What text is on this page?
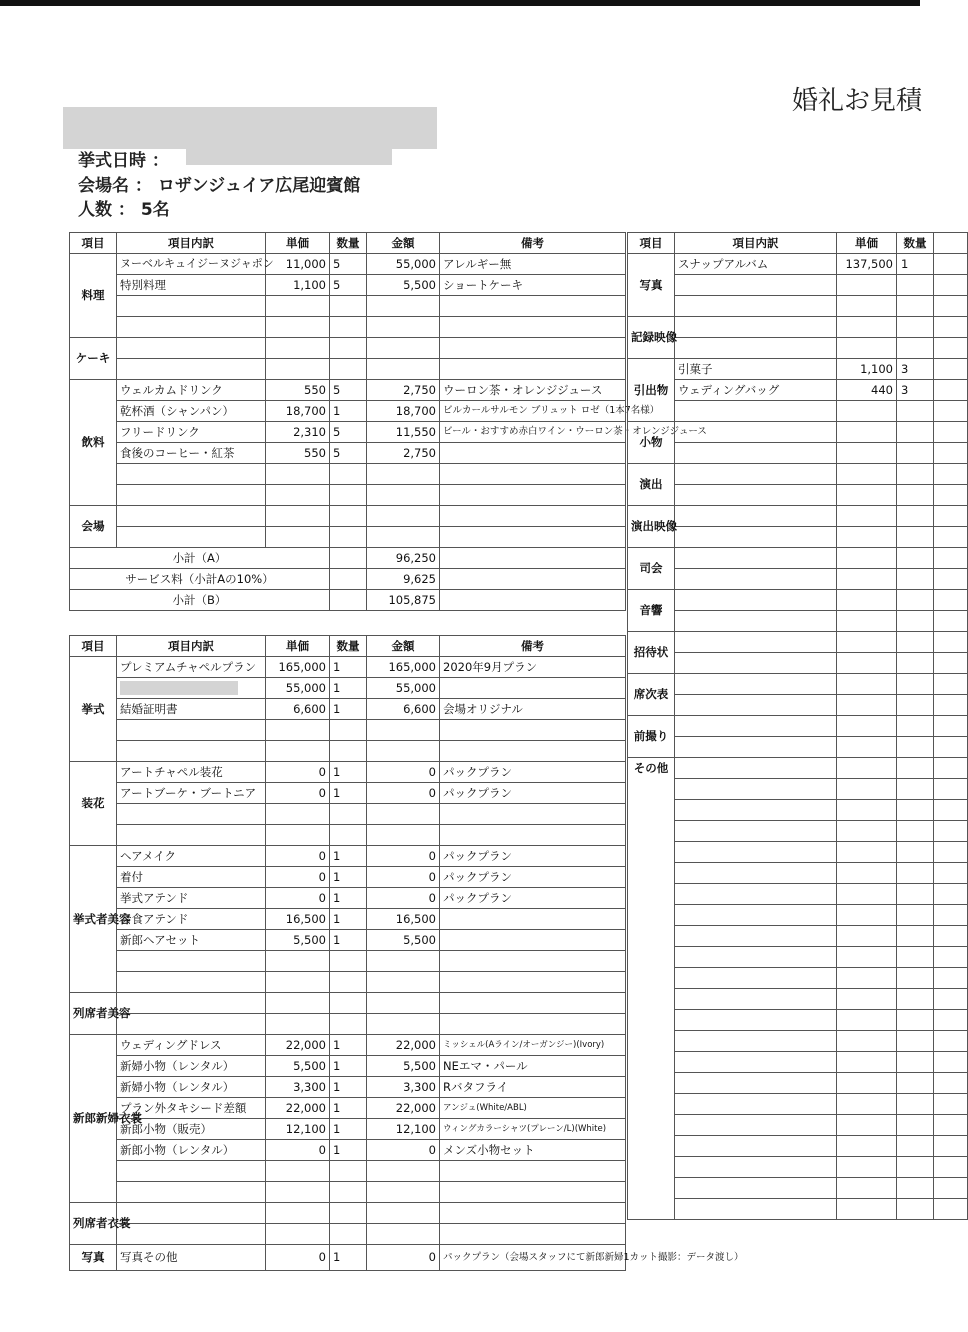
婚礼お見積
挙式日時 ：
会場名 ： ロザンジュイア広尾迎賓館
人数 ： 5名
項目	項目内訳	単価	数量	金額	備考
料理	ヌーベルキュイジーヌジャポン	11,000	5	55,000	アレルギー無
	特別料理	1,100	5	5,500	ショートケーキ

ケーキ					

飲料	ウェルカムドリンク	550	5	2,750	ウーロン茶・オレンジジュース
	乾杯酒（シャンパン）	18,700	1	18,700	ビルカールサルモン ブリュット ロゼ（1本7名様）
	フリードリンク	2,310	5	11,550	ビール・おすすめ赤白ワイン・ウーロン茶・オレンジジュース
	食後のコーヒー・紅茶	550	5	2,750	

会場					

小計（A）				96,250	
サービス料（小計Aの10%）				9,625	
小計（B）				105,875	
項目	項目内訳	単価	数量	金額	備考
挙式	プレミアムチャペルプラン	165,000	1	165,000	2020年9月プラン
		55,000	1	55,000	
	結婚証明書	6,600	1	6,600	会場オリジナル

装花	アートチャペル装花	0	1	0	パックプラン
	アートブーケ・ブートニア	0	1	0	パックプラン

挙式者美容	ヘアメイク	0	1	0	パックプラン
	着付	0	1	0	パックプラン
	挙式アテンド	0	1	0	パックプラン
	会食アテンド	16,500	1	16,500	
	新郎ヘアセット	5,500	1	5,500	

列席者美容					

新郎新婦衣裳	ウェディングドレス	22,000	1	22,000	ミッシェル(Aライン/オーガンジー)(Ivory)
	新婦小物（レンタル）	5,500	1	5,500	NEエマ・パール
	新婦小物（レンタル）	3,300	1	3,300	Rバタフライ
	プラン外タキシード差額	22,000	1	22,000	アンジュ(White/ABL)
	新郎小物（販売）	12,100	1	12,100	ウィングカラーシャツ(プレーン/L)(White)
	新郎小物（レンタル）	0	1	0	メンズ小物セット

列席者衣裳					

写真	写真その他	0	1	0	パックプラン（会場スタッフにて新郎新婦1カット撮影：データ渡し）
項目	項目内訳	単価	数量	
写真	スナップアルバム	137,500	1	

記録映像				

引出物	引菓子	1,100	3	
	ウェディングバッグ	440	3	

小物				

演出				

演出映像				

司会				

音響				

招待状				

席次表				

前撮り				

その他				
